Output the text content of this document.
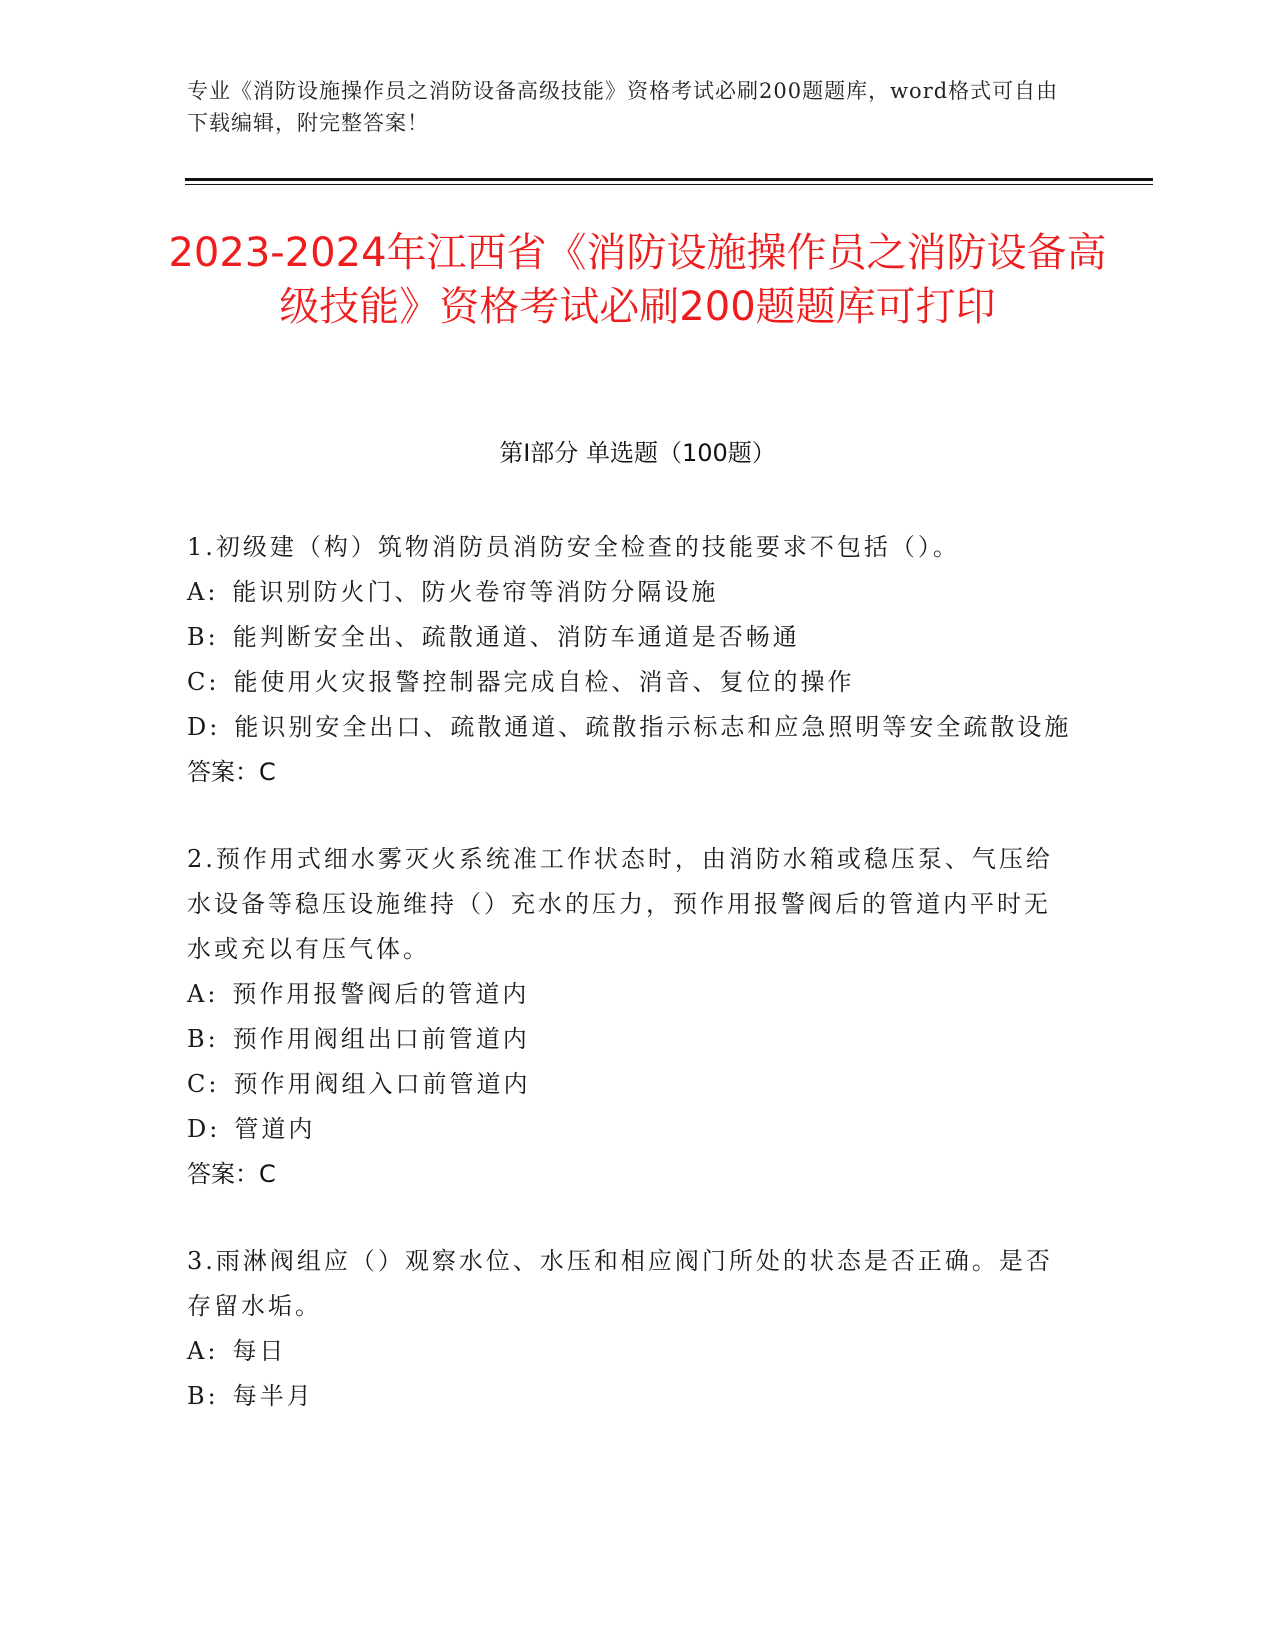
专业《消防设施操作员之消防设备高级技能》资格考试必刷200题题库，word格式可自由下载编辑，附完整答案！
2023-2024年江西省《消防设施操作员之消防设备高级技能》资格考试必刷200题题库可打印
第Ⅰ部分 单选题（100题）
1.初级建（构）筑物消防员消防安全检查的技能要求不包括（）。
A: 能识别防火门、防火卷帘等消防分隔设施
B: 能判断安全出、疏散通道、消防车通道是否畅通
C: 能使用火灾报警控制器完成自检、消音、复位的操作
D: 能识别安全出口、疏散通道、疏散指示标志和应急照明等安全疏散设施
答案：C
2.预作用式细水雾灭火系统准工作状态时，由消防水箱或稳压泵、气压给水设备等稳压设施维持（）充水的压力，预作用报警阀后的管道内平时无水或充以有压气体。
A: 预作用报警阀后的管道内
B: 预作用阀组出口前管道内
C: 预作用阀组入口前管道内
D: 管道内
答案：C
3.雨淋阀组应（）观察水位、水压和相应阀门所处的状态是否正确。是否存留水垢。
A: 每日
B: 每半月
